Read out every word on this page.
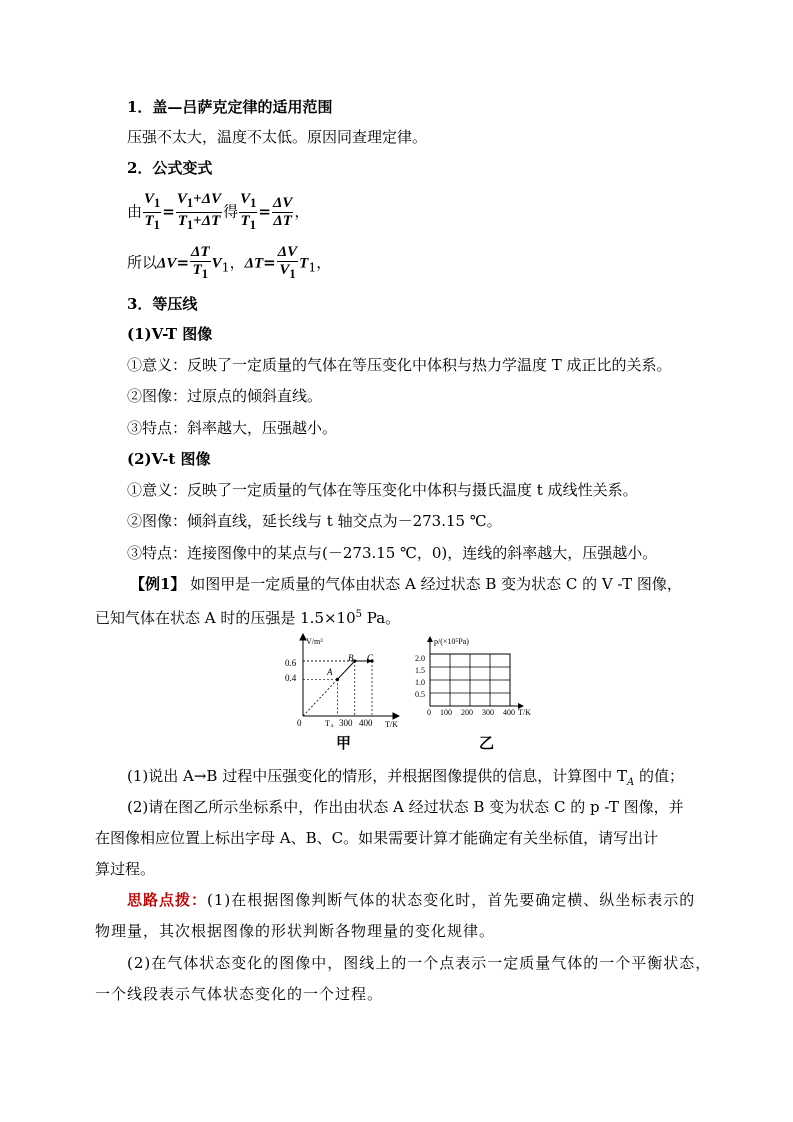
1．盖—吕萨克定律的适用范围
压强不太大，温度不太低。原因同查理定律。
2．公式变式
由 $\frac{V_1}{T_1} = \frac{V_1+\Delta V}{T_1+\Delta T}$ 得 $\frac{V_1}{T_1} = \frac{\Delta V}{\Delta T}$ ，
所以$\Delta V= \frac{\Delta T}{T_1} V_1$，$\Delta T= \frac{\Delta V}{V_1} T_1$，
3．等压线
(1)V-T 图像
①意义：反映了一定质量的气体在等压变化中体积与热力学温度 T 成正比的关系。
②图像：过原点的倾斜直线。
③特点：斜率越大，压强越小。
(2)V-t 图像
①意义：反映了一定质量的气体在等压变化中体积与摄氏温度 t 成线性关系。
②图像：倾斜直线，延长线与 t 轴交点为－273.15 ℃。
③特点：连接图像中的某点与(－273.15 ℃，0)，连线的斜率越大，压强越小。
【例1】 如图甲是一定质量的气体由状态 A 经过状态 B 变为状态 C 的 V -T 图像，
已知气体在状态 A 时的压强是 $1.5\times 10^5$ Pa。
V/m³
T/K
0
0.6
0.4
$T_A$ 300 400
A
B C
p/(×10⁵Pa)
T/K
2.0
1.5
1.0
0.5
0 100 200 300 400
甲	乙
(1)说出 A→B 过程中压强变化的情形，并根据图像提供的信息，计算图中 $T_A$ 的值；
(2)请在图乙所示坐标系中，作出由状态 A 经过状态 B 变为状态 C 的 p -T 图像，并
在图像相应位置上标出字母 A、B、C。如果需要计算才能确定有关坐标值，请写出计
算过程。
思路点拨：(1)在根据图像判断气体的状态变化时，首先要确定横、纵坐标表示的
物理量，其次根据图像的形状判断各物理量的变化规律。
(2)在气体状态变化的图像中，图线上的一个点表示一定质量气体的一个平衡状态，
一个线段表示气体状态变化的一个过程。
